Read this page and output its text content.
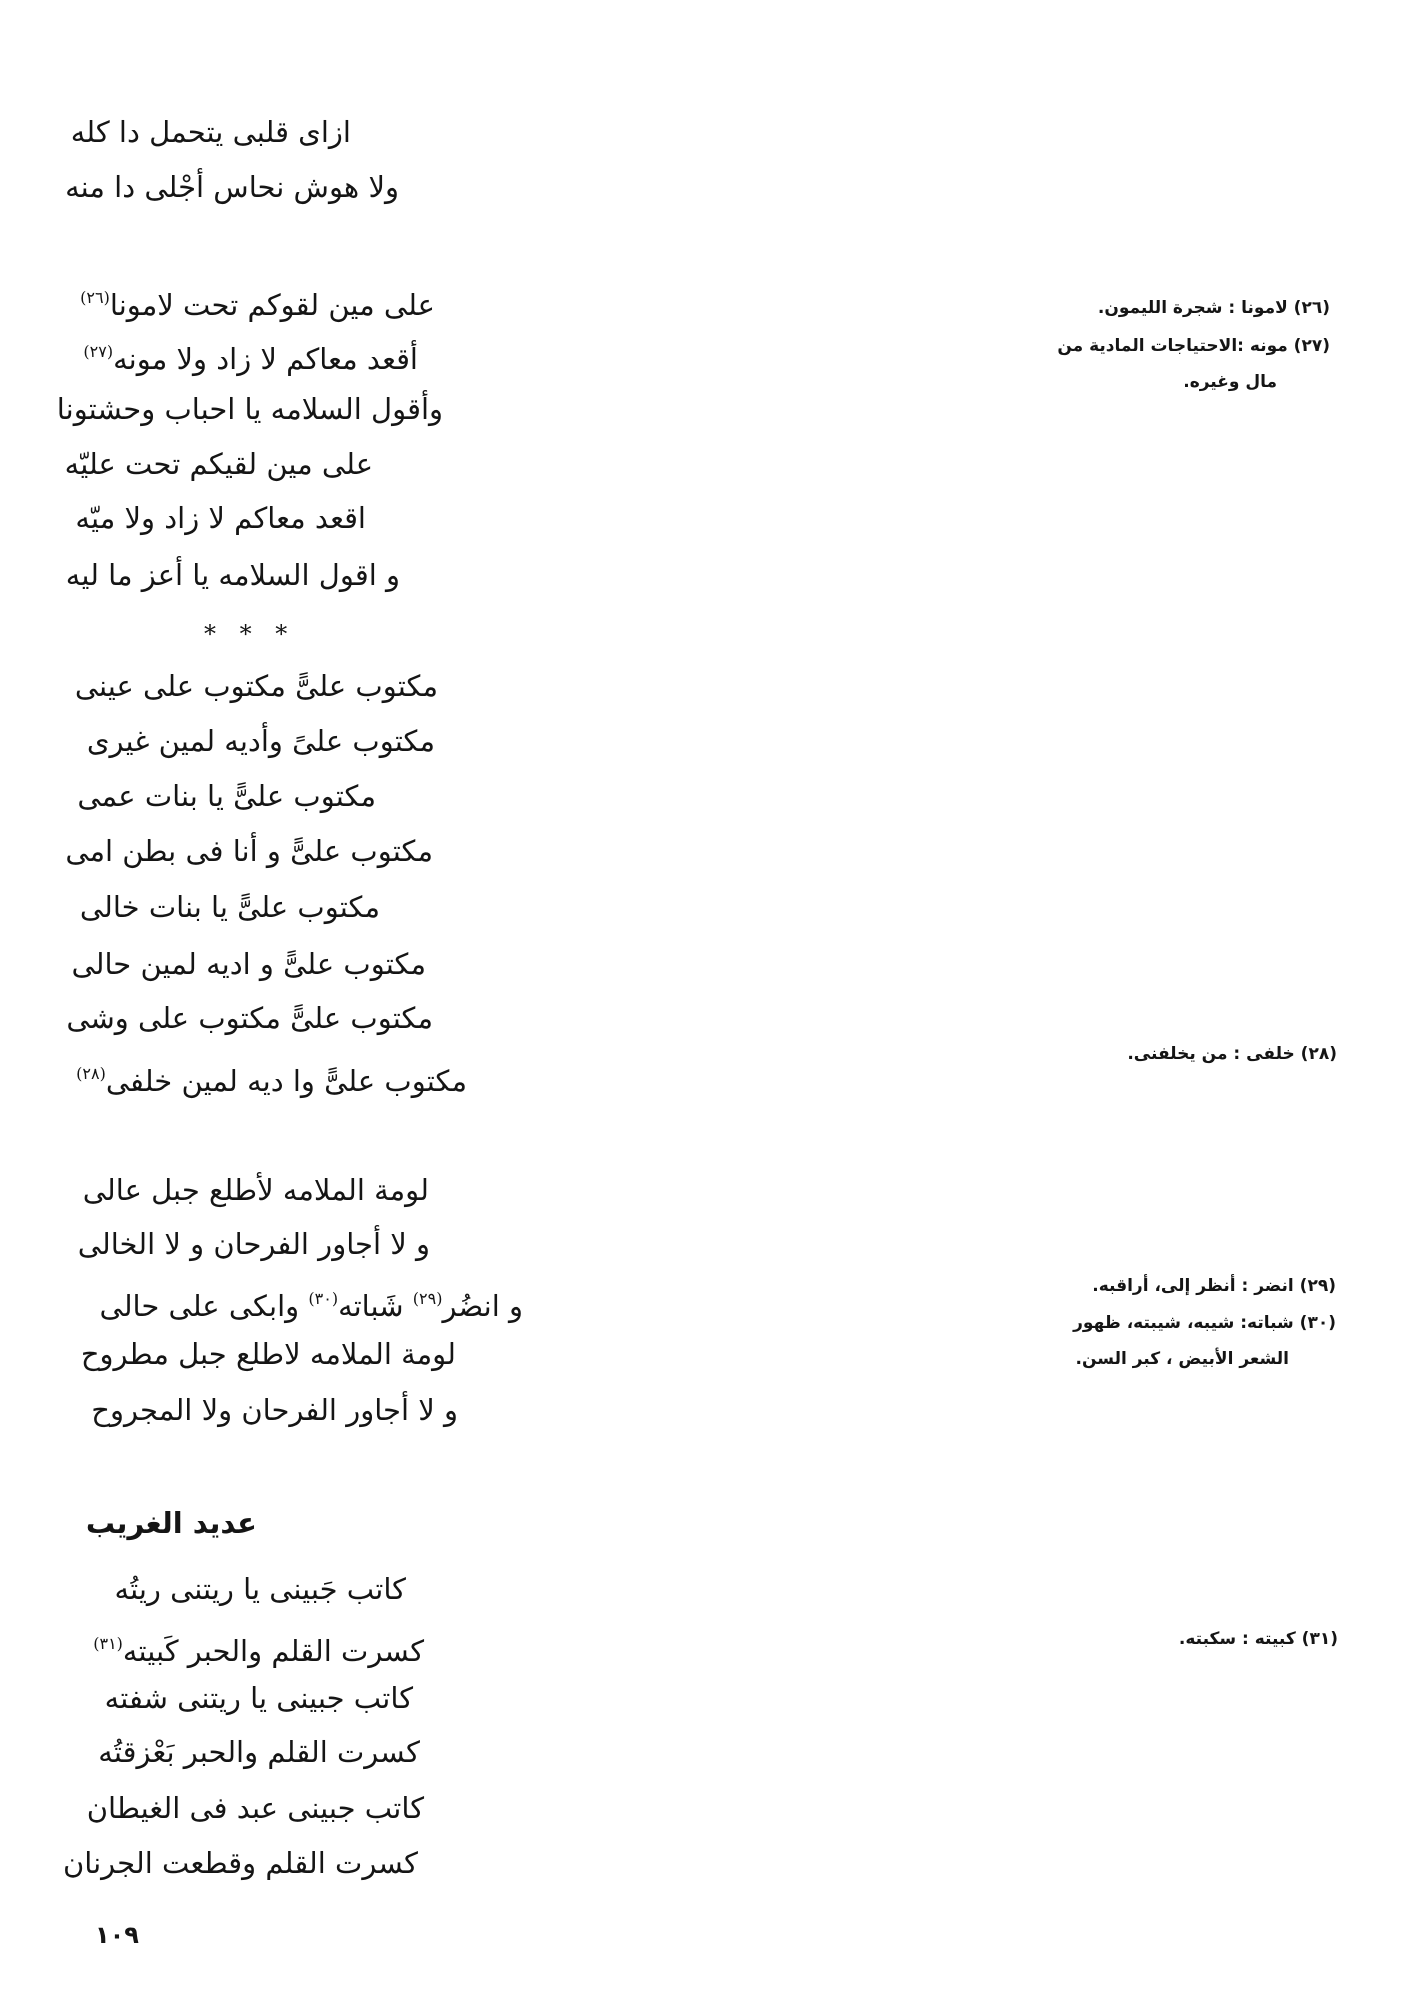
ازاى قلبى يتحمل دا كله
ولا هوش نحاس أجْلى دا منه
على مين لقوكم تحت لامونا$^{(٢٦)}$
أقعد معاكم لا زاد ولا مونه$^{(٢٧)}$
وأقول السلامه يا احباب وحشتونا
على مين لقيكم تحت عليّه
اقعد معاكم لا زاد ولا ميّه
و اقول السلامه يا أعز ما ليه
* * *
مكتوب علىًّ مكتوب على عينى
مكتوب علىً وأديه لمين غيرى
مكتوب علىًّ يا بنات عمى
مكتوب علىًّ و أنا فى بطن امى
مكتوب علىًّ يا بنات خالى
مكتوب علىًّ و اديه لمين حالى
مكتوب علىًّ مكتوب على وشى
مكتوب علىًّ وا ديه لمين خلفى$^{(٢٨)}$
لومة الملامه لأطلع جبل عالى
و لا أجاور الفرحان و لا الخالى
و انضُر$^{(٢٩)}$ شَباته$^{(٣٠)}$ وابكى على حالى
لومة الملامه لاطلع جبل مطروح
و لا أجاور الفرحان ولا المجروح
عديد الغريب
كاتب جَبينى يا ريتنى ريتُه
كسرت القلم والحبر كَبيته$^{(٣١)}$
كاتب جبينى يا ريتنى شفته
كسرت القلم والحبر بَعْزقتُه
كاتب جبينى عبد فى الغيطان
كسرت القلم وقطعت الجرنان
(٢٦) لامونا : شجرة الليمون.
(٢٧) مونه :الاحتياجات المادية من
مال وغيره.
(٢٨) خلفى : من يخلفنى.
(٢٩) انضر : أنظر إلى، أراقبه.
(٣٠) شباته: شيبه، شيبته، ظهور
الشعر الأبيض ، كبر السن.
(٣١) كبيته : سكبته.
١٠٩
